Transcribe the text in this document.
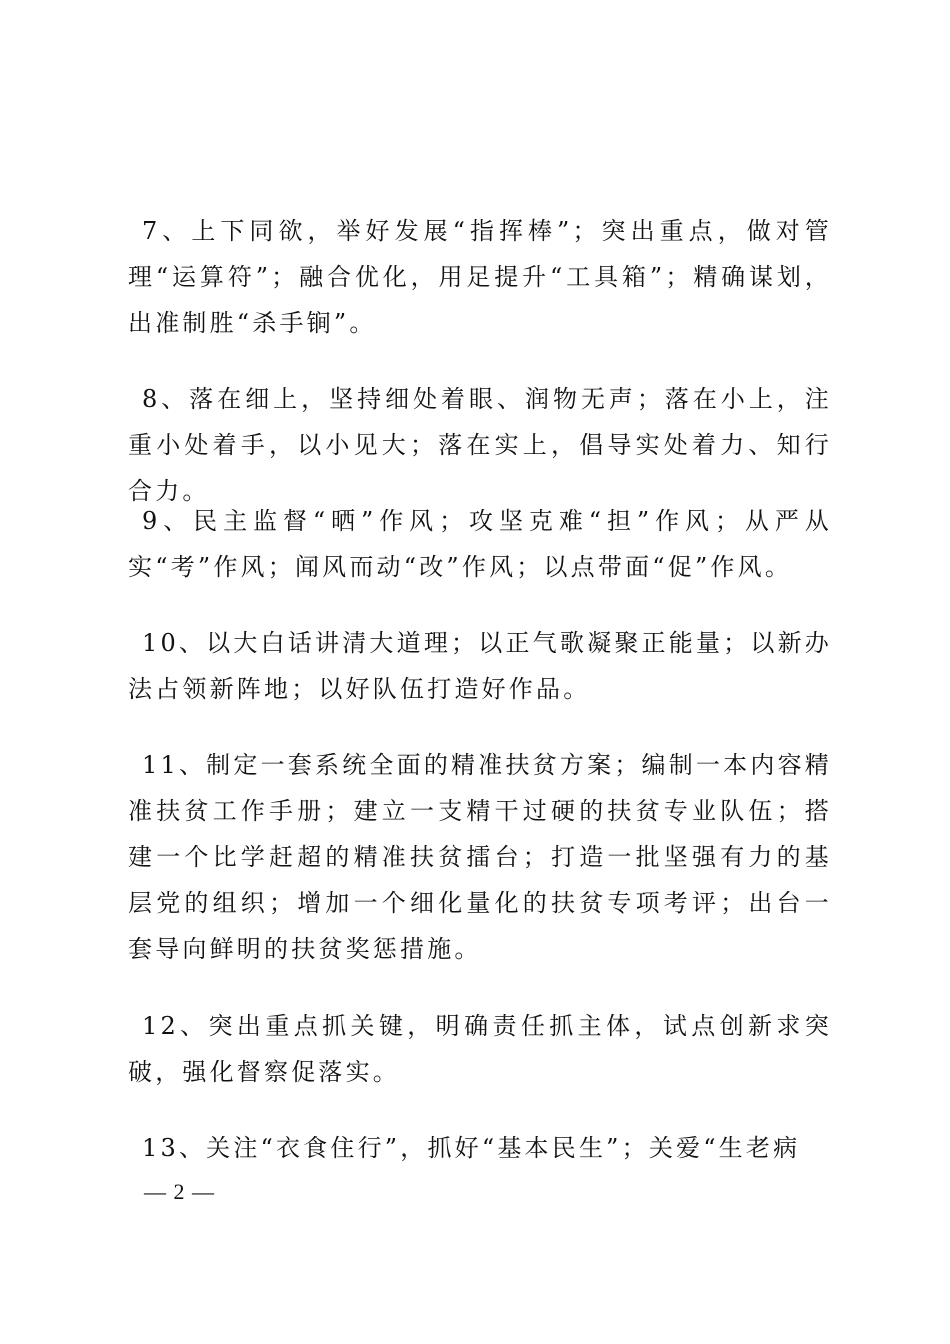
7、上下同欲，举好发展“指挥棒”；突出重点，做对管理“运算符”；融合优化，用足提升“工具箱”；精确谋划，出准制胜“杀手锏”。

8、落在细上，坚持细处着眼、润物无声；落在小上，注重小处着手，以小见大；落在实上，倡导实处着力、知行合力。

9、民主监督“晒”作风；攻坚克难“担”作风；从严从实“考”作风；闻风而动“改”作风；以点带面“促”作风。

10、以大白话讲清大道理；以正气歌凝聚正能量；以新办法占领新阵地；以好队伍打造好作品。

11、制定一套系统全面的精准扶贫方案；编制一本内容精准扶贫工作手册；建立一支精干过硬的扶贫专业队伍；搭建一个比学赶超的精准扶贫擂台；打造一批坚强有力的基层党的组织；增加一个细化量化的扶贫专项考评；出台一套导向鲜明的扶贫奖惩措施。

12、突出重点抓关键，明确责任抓主体，试点创新求突破，强化督察促落实。

13、关注“衣食住行”，抓好“基本民生”；关爱“生老病

— 2 —
